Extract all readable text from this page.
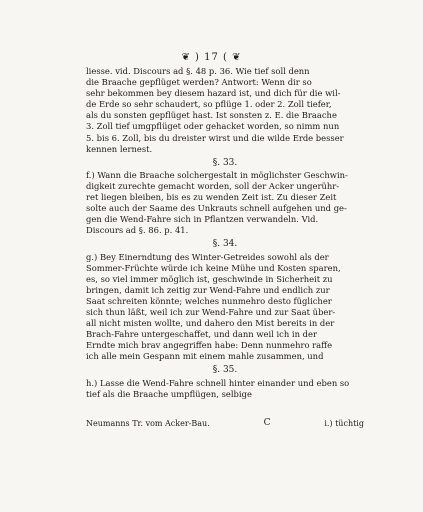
❦ ) 17 ( ❦
liesse. vid. Discours ad §. 48 p. 36. Wie tief soll denn
die Braache gepflüget werden? Antwort: Wenn dir so
sehr bekommen bey diesem hazard ist, und dich für die wil-
de Erde so sehr schaudert, so pflüge 1. oder 2. Zoll tiefer,
als du sonsten gepflüget hast. Ist sonsten z. E. die Braache
3. Zoll tief umgpflüget oder gehacket worden, so nimm nun
5. bis 6. Zoll, bis du dreister wirst und die wilde Erde besser
kennen lernest.
§. 33.
f.) Wann die Braache solchergestalt in möglichster Geschwin-
digkeit zurechte gemacht worden, soll der Acker ungerühr-
ret liegen bleiben, bis es zu wenden Zeit ist. Zu dieser Zeit
solte auch der Saame des Unkrauts schnell aufgehen und ge-
gen die Wend-Fahre sich in Pflantzen verwandeln. Vid.
Discours ad §. 86. p. 41.
§. 34.
g.) Bey Einerndtung des Winter-Getreides sowohl als der
Sommer-Früchte würde ich keine Mühe und Kosten sparen,
es, so viel immer möglich ist, geschwinde in Sicherheit zu
bringen, damit ich zeitig zur Wend-Fahre und endlich zur
Saat schreiten könnte; welches nunmehro desto füglicher
sich thun läßt, weil ich zur Wend-Fahre und zur Saat über-
all nicht misten wollte, und dahero den Mist bereits in der
Brach-Fahre untergeschaffet, und dann weil ich in der
Erndte mich brav angegriffen habe: Denn nunmehro raffe
ich alle mein Gespann mit einem mahle zusammen, und
§. 35.
h.) Lasse die Wend-Fahre schnell hinter einander und eben so
tief als die Braache umpflügen, selbige
Neumanns Tr. vom Acker-Bau.	C	i.) tüchtig
